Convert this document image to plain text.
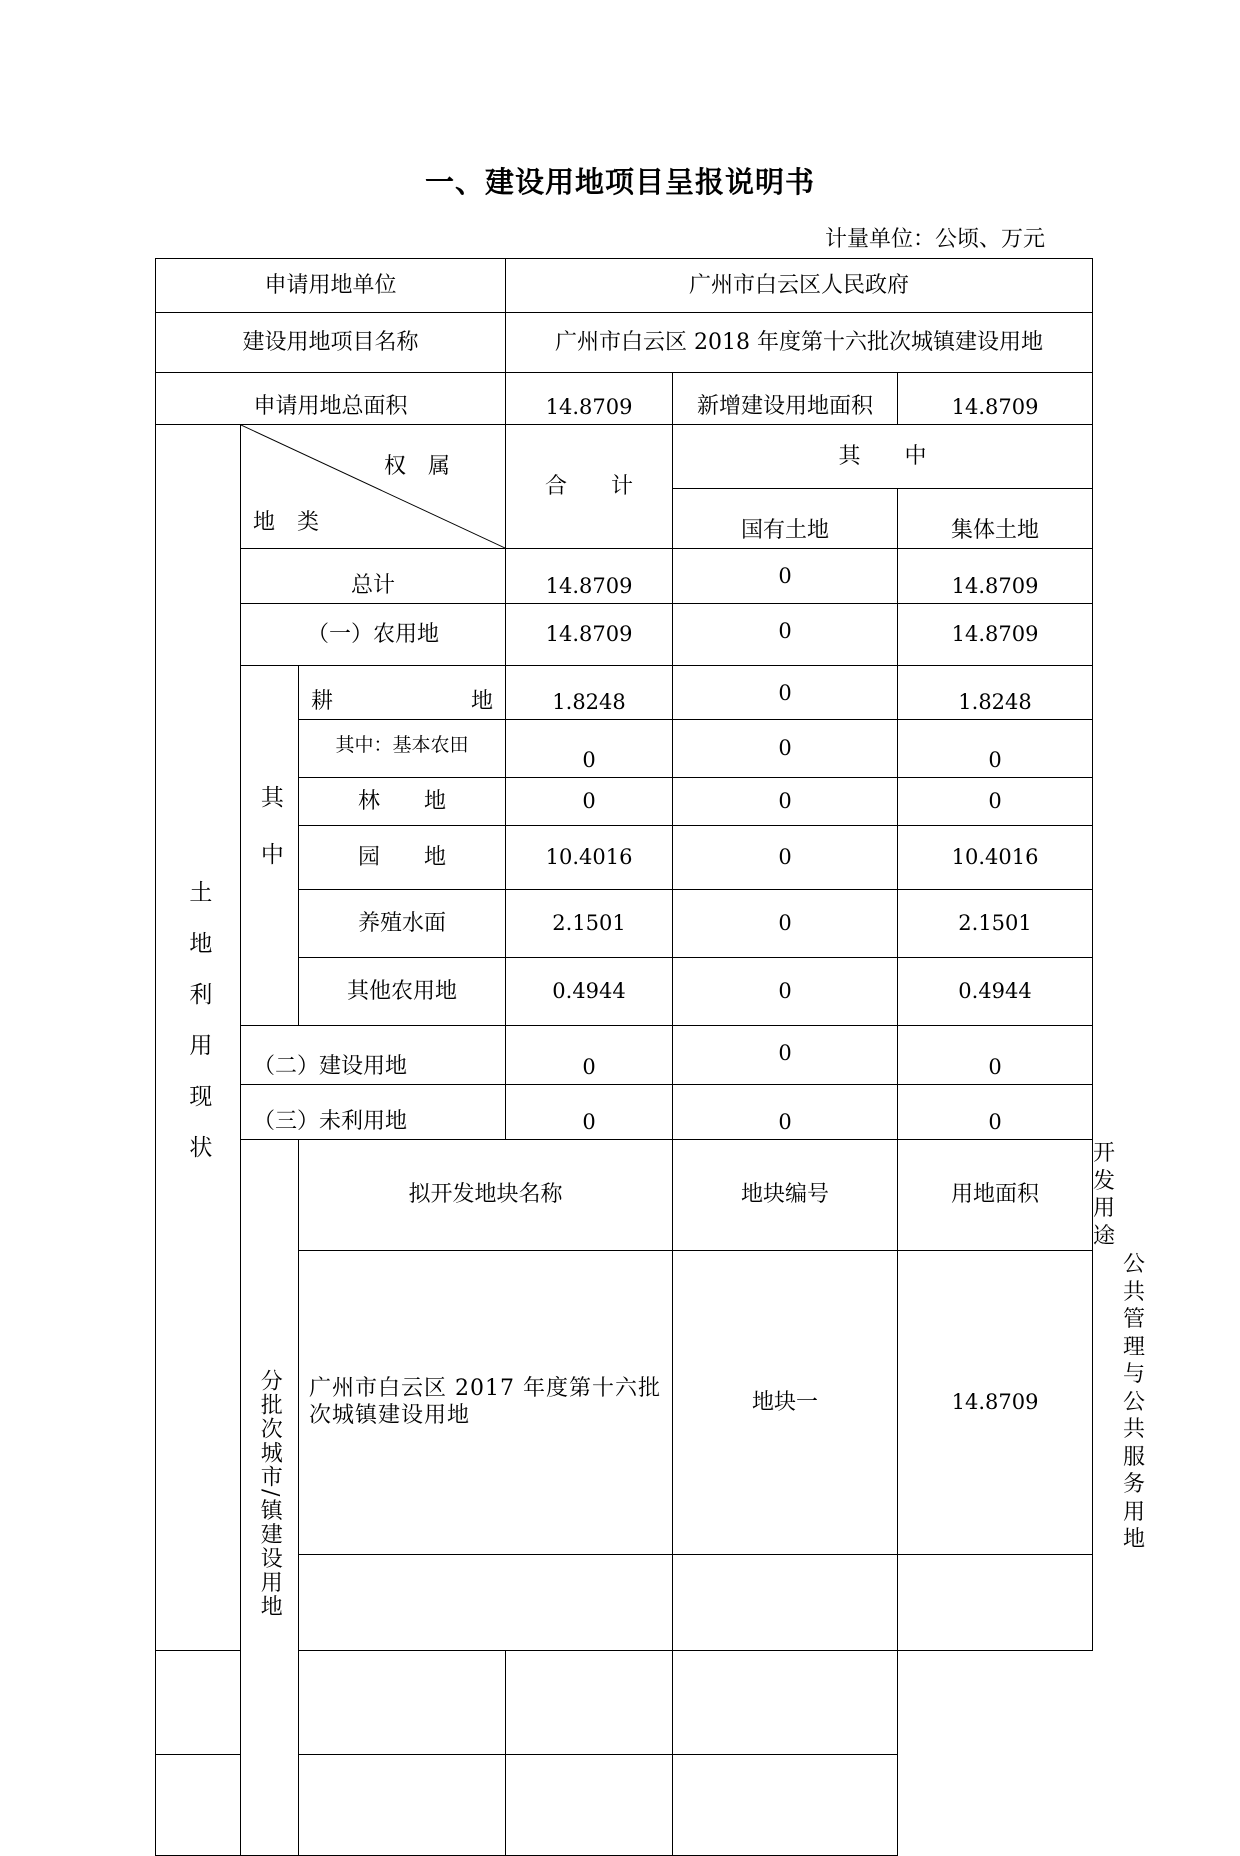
一、建设用地项目呈报说明书
计量单位：公顷、万元
申请用地单位			广州市白云区人民政府			
建设用地项目名称			广州市白云区 2018 年度第十六批次城镇建设用地			
申请用地总面积			14.8709	新增建设用地面积	14.8709	
土地利用现状	权　属
地　类		合　　计	其　　中		
				国有土地	集体土地	
	总计		14.8709	0	14.8709	
	（一）农用地		14.8709	0	14.8709	
	其中	耕 地	1.8248	0	1.8248	
		其中：基本农田	0	0	0	
		林　　地	0	0	0	
		园　　地	10.4016	0	10.4016	
		养殖水面	2.1501	0	2.1501	
		其他农用地	0.4944	0	0.4944	
	（二）建设用地		0	0	0	
	（三）未利用地		0	0	0	
	分批次城市/镇建设用地	拟开发地块名称		地块编号	用地面积	开发用途
		广州市白云区 2017 年度第十六批次城镇建设用地		地块一	14.8709	公共管理与公共服务用地
